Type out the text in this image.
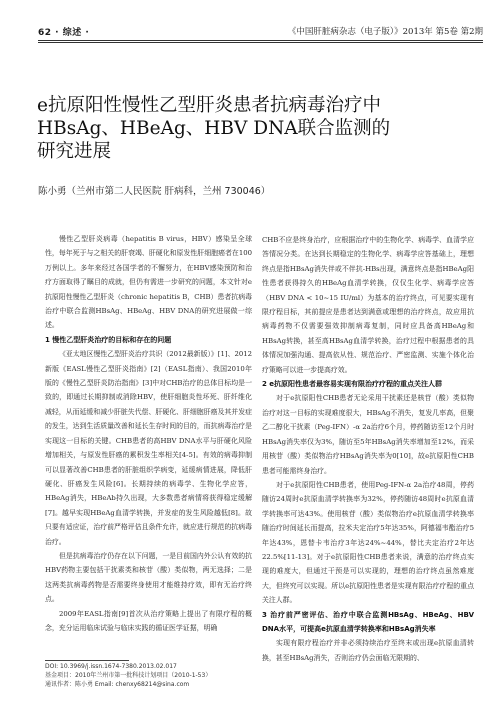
62 · 综述 ·	《中国肝脏病杂志（电子版）》2013年 第5卷 第2期
e抗原阳性慢性乙型肝炎患者抗病毒治疗中
HBsAg、HBeAg、HBV DNA联合监测的
研究进展
陈小勇（兰州市第二人民医院 肝病科，兰州 730046）

慢性乙型肝炎病毒（hepatitis B virus，HBV）感染呈全球性，每年死于与之相关的肝衰竭、肝硬化和原发性肝细胞癌者在100万例以上。多年来经过各国学者的不懈努力，在HBV感染预防和治疗方面取得了瞩目的成就，但仍有需进一步研究的问题，本文针对e抗原阳性慢性乙型肝炎（chronic hepatitis B，CHB）患者抗病毒治疗中联合监测HBsAg、HBeAg、HBV DNA的研究进展做一综述。

1 慢性乙型肝炎治疗的目标和存在的问题

《亚太地区慢性乙型肝炎治疗共识（2012最新版）》[1]、2012新版《EASL慢性乙型肝炎指南》[2]（EASL指南）、我国2010年版的《慢性乙型肝炎防治指南》[3]中对CHB治疗的总体目标均是一致的，即通过长期抑制或消除HBV，使肝细胞炎性坏死、肝纤维化减轻，从而延缓和减少肝脏失代偿、肝硬化、肝细胞肝癌及其并发症的发生，达到生活质量改善和延长生存时间的目的，而抗病毒治疗是实现这一目标的关键。CHB患者的高HBV DNA水平与肝硬化风险增加相关，与原发性肝癌的累积发生率相关[4-5]。有效的病毒抑制可以显著改善CHB患者的肝脏组织学病变，延缓病情进展，降低肝硬化、肝癌发生风险[6]。长期持续的病毒学、生物化学应答，HBeAg消失，HBeAb持久出现，大多数患者病情将获得稳定缓解[7]。越早实现HBeAg血清学转换，并发症的发生风险越低[8]。故只要有适应证，治疗前严格评估且条件允许，就应进行规范的抗病毒治疗。

但是抗病毒治疗仍存在以下问题，一是目前国内外公认有效的抗HBV药物主要包括干扰素类和核苷（酸）类似物，两无选择；二是这两类抗病毒药物是否需要终身使用才能维持疗效，即有无治疗终点。

2009年EASL指南[9]首次从治疗策略上提出了有限疗程的概念，充分运用临床试验与临床实践的循证医学证据，明确

CHB不应是终身治疗，应根据治疗中的生物化学、病毒学、血清学应答情况分类。在达到长期稳定的生物化学、病毒学应答基础上，理想终点是指HBsAg消失伴或不伴抗-HBs出现，满意终点是指HBeAg阳性患者获得持久的HBeAg血清学转换，仅仅生化学、病毒学应答（HBV DNA < 10~15 IU/ml）为基本的治疗终点，可见要实现有限疗程目标，其前提应是患者达到满意或理想的治疗终点，故应用抗病毒药物不仅需要强效抑制病毒复制，同时应具备高HBeAg和HBsAg转换，甚至高HBsAg血清学转换，治疗过程中根据患者的具体情况加强沟通、提高依从性、规范治疗、严密监测、实施个体化治疗策略可以进一步提高疗效。

2 e抗原阳性患者最容易实现有限治疗疗程的重点关注人群

对于e抗原阳性CHB患者无论采用干扰素还是核苷（酸）类似物治疗对这一目标的实现难度很大，HBsAg不消失，复发几率高，但聚乙二醇化干扰素（Peg-IFN）-α 2a治疗6个月，停药随访至12个月时HBsAg消失率仅为3%，随访至5年HBsAg消失率增加至12%，而采用核苷（酸）类似物治疗HBsAg消失率为0[10]，故e抗原阳性CHB患者可能需终身治疗。

对于e抗原阳性CHB患者，使用Peg-IFN-α 2a治疗48周，停药随访24周时e抗原血清学转换率为32%，停药随访48周时e抗原血清学转换率可达43%。使用核苷（酸）类似物治疗e抗原血清学转换率随治疗时间延长而提高，拉米夫定治疗5年达35%，阿德福韦酯治疗5年达43%，恩替卡韦治疗3年达24%~44%，替比夫定治疗2年达22.5%[11-13]。对于e抗原阳性CHB患者来说，满意的治疗终点实现的难度大，但通过干预是可以实现的，理想的治疗终点虽然难度大，但终究可以实现。所以e抗原阳性患者是实现有限治疗疗程的重点关注人群。

3 治疗前严密评估、治疗中联合监测HBsAg、HBeAg、HBV DNA水平，可提高e抗原血清学转换率和HBsAg消失率

实现有限疗程治疗并非必须持续治疗至终末或出现e抗原血清转换，甚至HBsAg消失，否则治疗仍会面临无限期的、

DOI: 10.3969/j.issn.1674-7380.2013.02.017
基金项目：2010年兰州市第一批科技计划项目（2010-1-53）
通讯作者：陈小勇 Email: chenxy68214@sina.com
